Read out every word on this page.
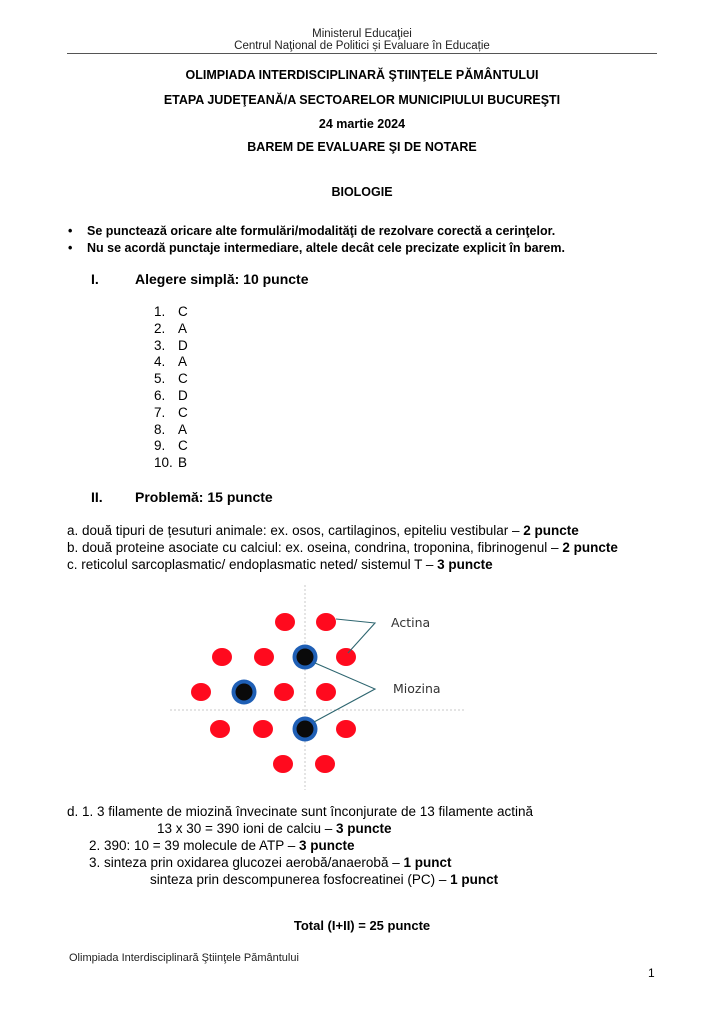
Ministerul Educaţiei
Centrul Naţional de Politici și Evaluare în Educație
OLIMPIADA INTERDISCIPLINARĂ ŞTIINŢELE PĂMÂNTULUI
ETAPA JUDEŢEANĂ/A SECTOARELOR MUNICIPIULUI BUCUREŞTI
24 martie 2024
BAREM DE EVALUARE ŞI DE NOTARE
BIOLOGIE
• Se punctează oricare alte formulări/modalităţi de rezolvare corectă a cerinţelor.
• Nu se acordă punctaje intermediare, altele decât cele precizate explicit în barem.
I.	Alegere simplă: 10 puncte
1. C
2. A
3. D
4. A
5. C
6. D
7. C
8. A
9. C
10. B
II. Problemă: 15 puncte
a. două tipuri de țesuturi animale: ex. osos, cartilaginos, epiteliu vestibular – 2 puncte
b. două proteine asociate cu calciul: ex. oseina, condrina, troponina, fibrinogenul – 2 puncte
c. reticolul sarcoplasmatic/ endoplasmatic neted/ sistemul T – 3 puncte
Actina
Miozina
d. 1. 3 filamente de miozină învecinate sunt înconjurate de 13 filamente actină
13 x 30 = 390 ioni de calciu – 3 puncte
2. 390: 10 = 39 molecule de ATP – 3 puncte
3. sinteza prin oxidarea glucozei aerobă/anaerobă – 1 punct
sinteza prin descompunerea fosfocreatinei (PC) – 1 punct
Total (I+II) = 25 puncte
Olimpiada Interdisciplinară Ştiinţele Pământului
1
